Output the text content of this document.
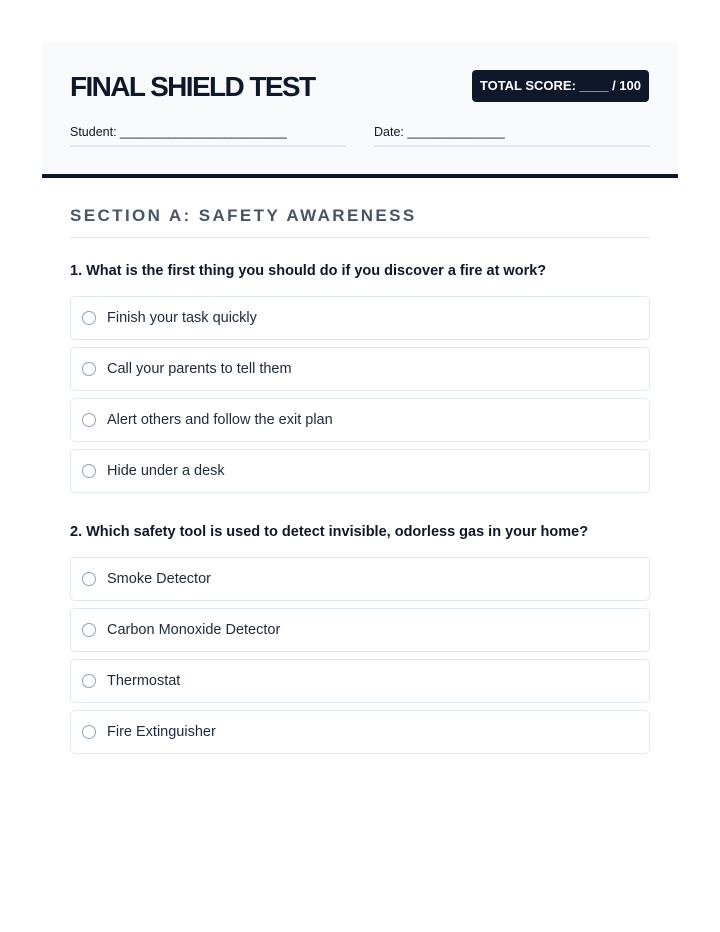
FINAL SHIELD TEST	TOTAL SCORE: ____ / 100
Student: ________________________	Date: ______________
SECTION A: SAFETY AWARENESS

1. What is the first thing you should do if you discover a fire at work?

Finish your task quickly
Call your parents to tell them
Alert others and follow the exit plan
Hide under a desk

2. Which safety tool is used to detect invisible, odorless gas in your home?

Smoke Detector
Carbon Monoxide Detector
Thermostat
Fire Extinguisher
